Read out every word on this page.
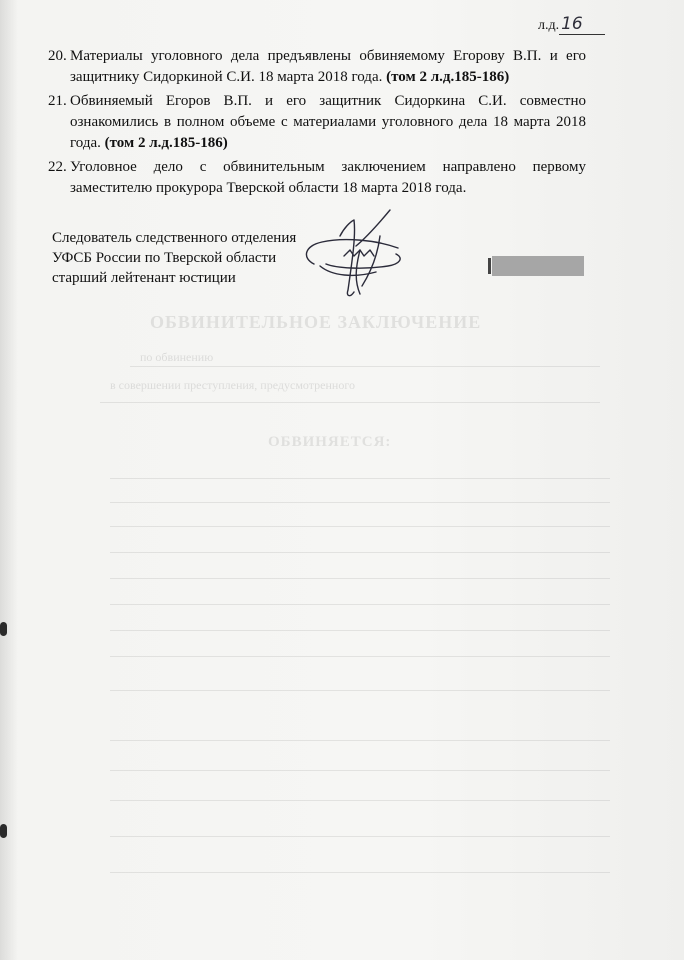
ОБВИНИТЕЛЬНОЕ ЗАКЛЮЧЕНИЕ
по обвинению
в совершении преступления, предусмотренного
ОБВИНЯЕТСЯ:
л.д. 16
20. Материалы уголовного дела предъявлены обвиняемому Егорову В.П. и его защитнику Сидоркиной С.И. 18 марта 2018 года. (том 2 л.д.185-186)
21. Обвиняемый Егоров В.П. и его защитник Сидоркина С.И. совместно ознакомились в полном объеме с материалами уголовного дела 18 марта 2018 года. (том 2 л.д.185-186)
22. Уголовное дело с обвинительным заключением направлено первому заместителю прокурора Тверской области 18 марта 2018 года.
Следователь следственного отделения
УФСБ России по Тверской области
старший лейтенант юстиции
